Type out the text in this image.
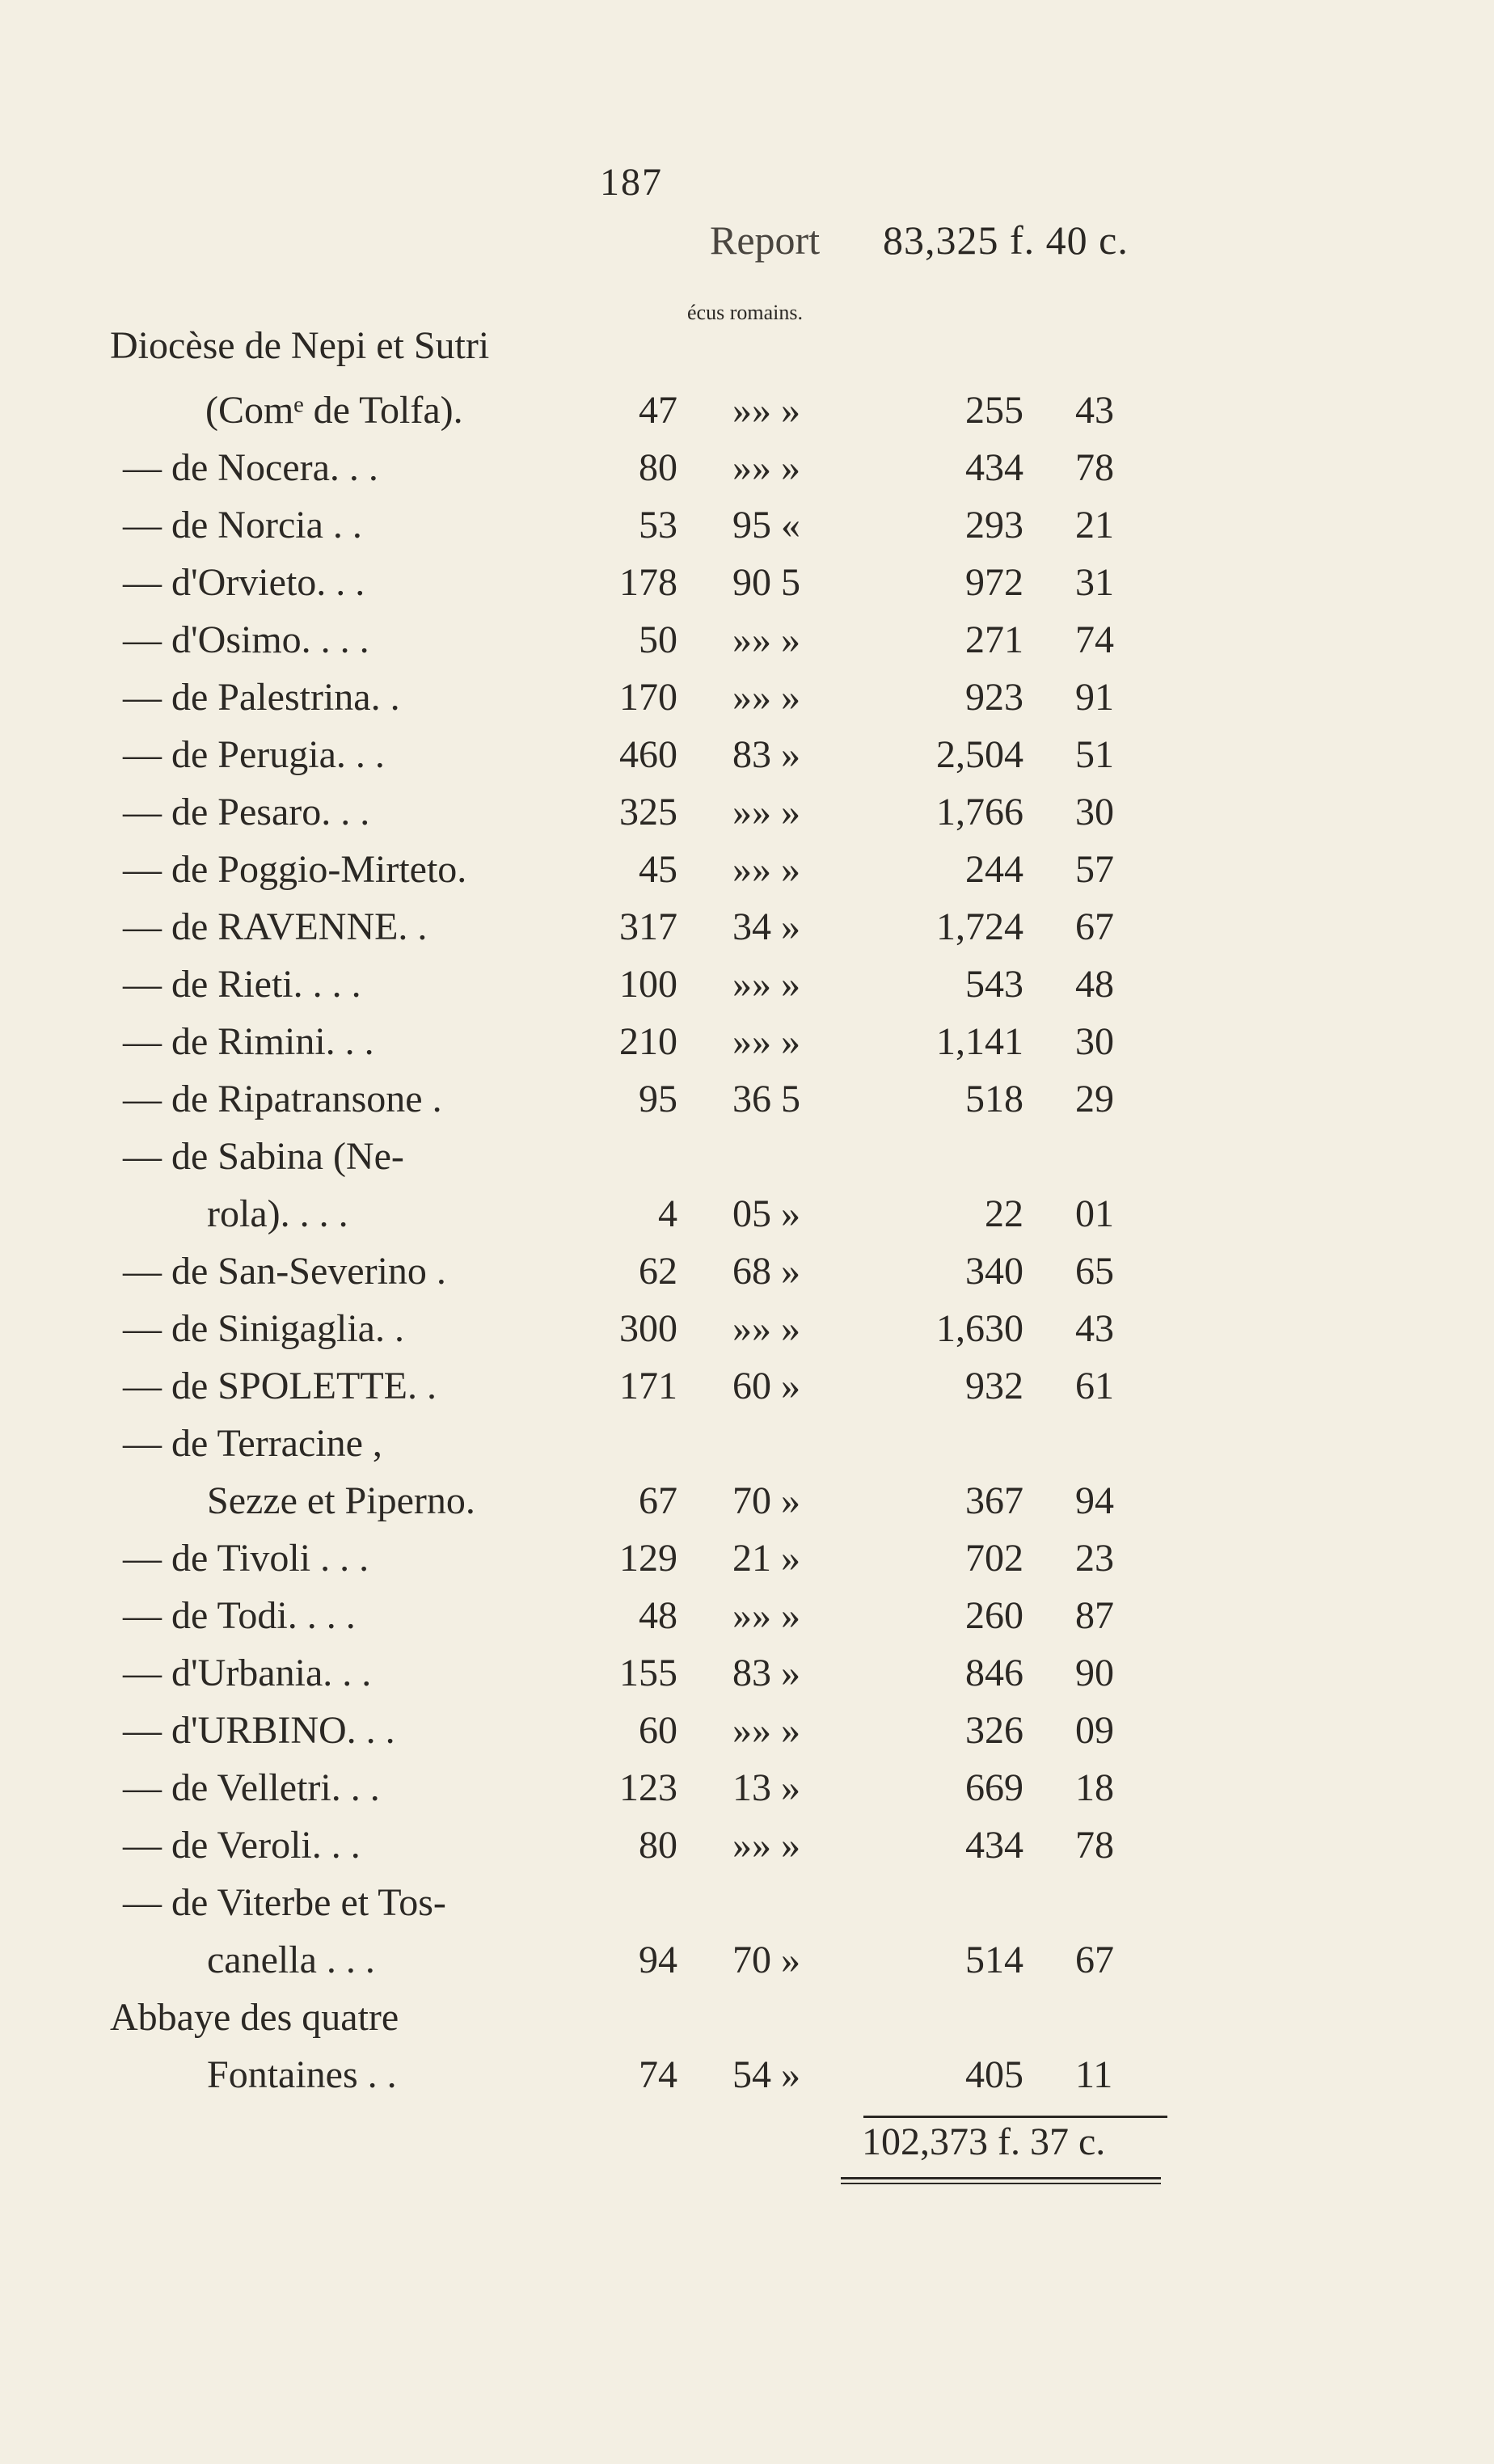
187
Report 83,325 f. 40 c.
écus romains.
Diocèse de Nepi et Sutri
(Comᵉ de Tolfa).	47 »» »	255 43
— de Nocera. . .	80 »» »	434 78
— de Norcia . .	53 95 «	293 21
— d'Orvieto. . .	178 90 5	972 31
— d'Osimo. . . .	50 »» »	271 74
— de Palestrina. .	170 »» »	923 91
— de Perugia. . .	460 83 »	2,504 51
— de Pesaro. . .	325 »» »	1,766 30
— de Poggio-Mirteto.	45 »» »	244 57
— de RAVENNE. .	317 34 »	1,724 67
— de Rieti. . . .	100 »» »	543 48
— de Rimini. . .	210 »» »	1,141 30
— de Ripatransone .	95 36 5	518 29
— de Sabina (Ne-
rola). . . .	4 05 »	22 01
— de San-Severino .	62 68 »	340 65
— de Sinigaglia. .	300 »» »	1,630 43
— de SPOLETTE. .	171 60 »	932 61
— de Terracine ,
Sezze et Piperno.	67 70 »	367 94
— de Tivoli . . .	129 21 »	702 23
— de Todi. . . .	48 »» »	260 87
— d'Urbania. . .	155 83 »	846 90
— d'URBINO. . .	60 »» »	326 09
— de Velletri. . .	123 13 »	669 18
— de Veroli. . .	80 »» »	434 78
— de Viterbe et Tos-
canella . . .	94 70 »	514 67
Abbaye des quatre
Fontaines . .	74 54 »	405 11
102,373 f. 37 c.
